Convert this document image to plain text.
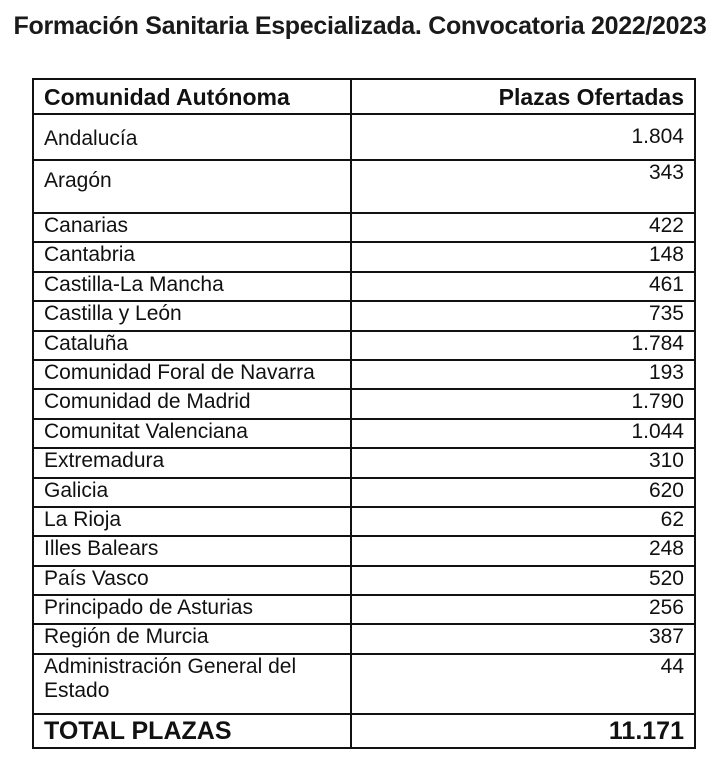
Formación Sanitaria Especializada. Convocatoria 2022/2023
Comunidad Autónoma	Plazas Ofertadas
Andalucía	1.804
Aragón	343
Canarias	422
Cantabria	148
Castilla-La Mancha	461
Castilla y León	735
Cataluña	1.784
Comunidad Foral de Navarra	193
Comunidad de Madrid	1.790
Comunitat Valenciana	1.044
Extremadura	310
Galicia	620
La Rioja	62
Illes Balears	248
País Vasco	520
Principado de Asturias	256
Región de Murcia	387
Administración General del Estado	44
TOTAL PLAZAS	11.171
